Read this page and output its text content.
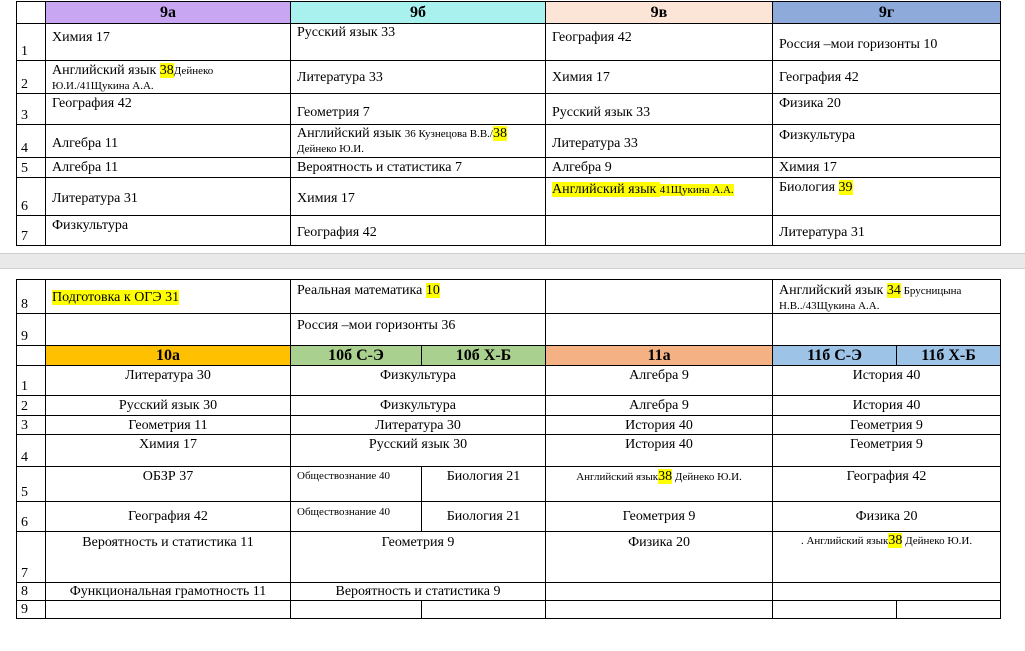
	9а	9б	9в	9г
1	Химия 17	Русский язык 33	География 42	Россия –мои горизонты 10
2	Английский язык 38Дейнеко Ю.И./41Щукина А.А.	Литература 33	Химия 17	География 42
3	География 42	Геометрия 7	Русский язык 33	Физика 20
4	Алгебра 11	Английский язык 36 Кузнецова В.В./38
Дейнеко Ю.И.	Литература 33	Физкультура
5	Алгебра 11	Вероятность и статистика 7	Алгебра 9	Химия 17
6	Литература 31	Химия 17	Английский язык 41Щукина А.А.	Биология 39
7	Физкультура	География 42		Литература 31
8	Подготовка к ОГЭ 31	Реальная математика 10			Английский язык 34 Брусницына Н.В../43Щукина А.А.	
9		Россия –мои горизонты 36				
	10а	10б С-Э	10б Х-Б	11а	11б С-Э	11б Х-Б
1	Литература 30	Физкультура		Алгебра 9	История 40	
2	Русский язык 30	Физкультура		Алгебра 9	История 40	
3	Геометрия 11	Литература 30		История 40	Геометрия 9	
4	Химия 17	Русский язык 30		История 40	Геометрия 9	
5	ОБЗР 37	Обществознание 40	Биология 21	Английский язык38 Дейнеко Ю.И.	География 42	
6	География 42	Обществознание 40	Биология 21	Геометрия 9	Физика 20	
7	Вероятность и статистика 11	Геометрия 9		Физика 20	. Английский язык38 Дейнеко Ю.И.	
8	Функциональная грамотность 11	Вероятность и статистика 9				
9						
